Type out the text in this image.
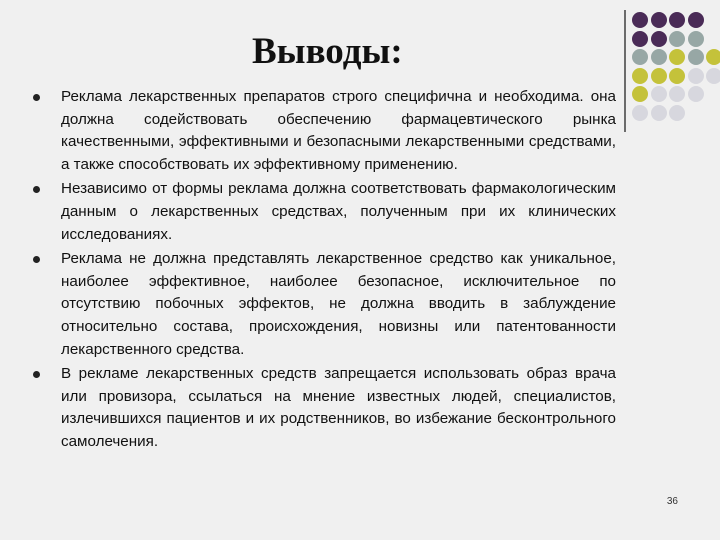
Выводы:
Реклама лекарственных препаратов строго специфична и необходима. она должна содействовать обеспечению фармацевтического рынка качественными, эффективными и безопасными лекарственными средствами, а также способствовать их эффективному применению.
Независимо от формы реклама должна соответствовать фармакологическим данным о лекарственных средствах, полученным при их клинических исследованиях.
Реклама не должна представлять лекарственное средство как уникальное, наиболее эффективное, наиболее безопасное, исключительное по отсутствию побочных эффектов, не должна вводить в заблуждение относительно состава, происхождения, новизны или патентованности лекарственного средства.
В рекламе лекарственных средств запрещается использовать образ врача или провизора, ссылаться на мнение известных людей, специалистов, излечившихся пациентов и их родственников, во избежание бесконтрольного самолечения.
36
